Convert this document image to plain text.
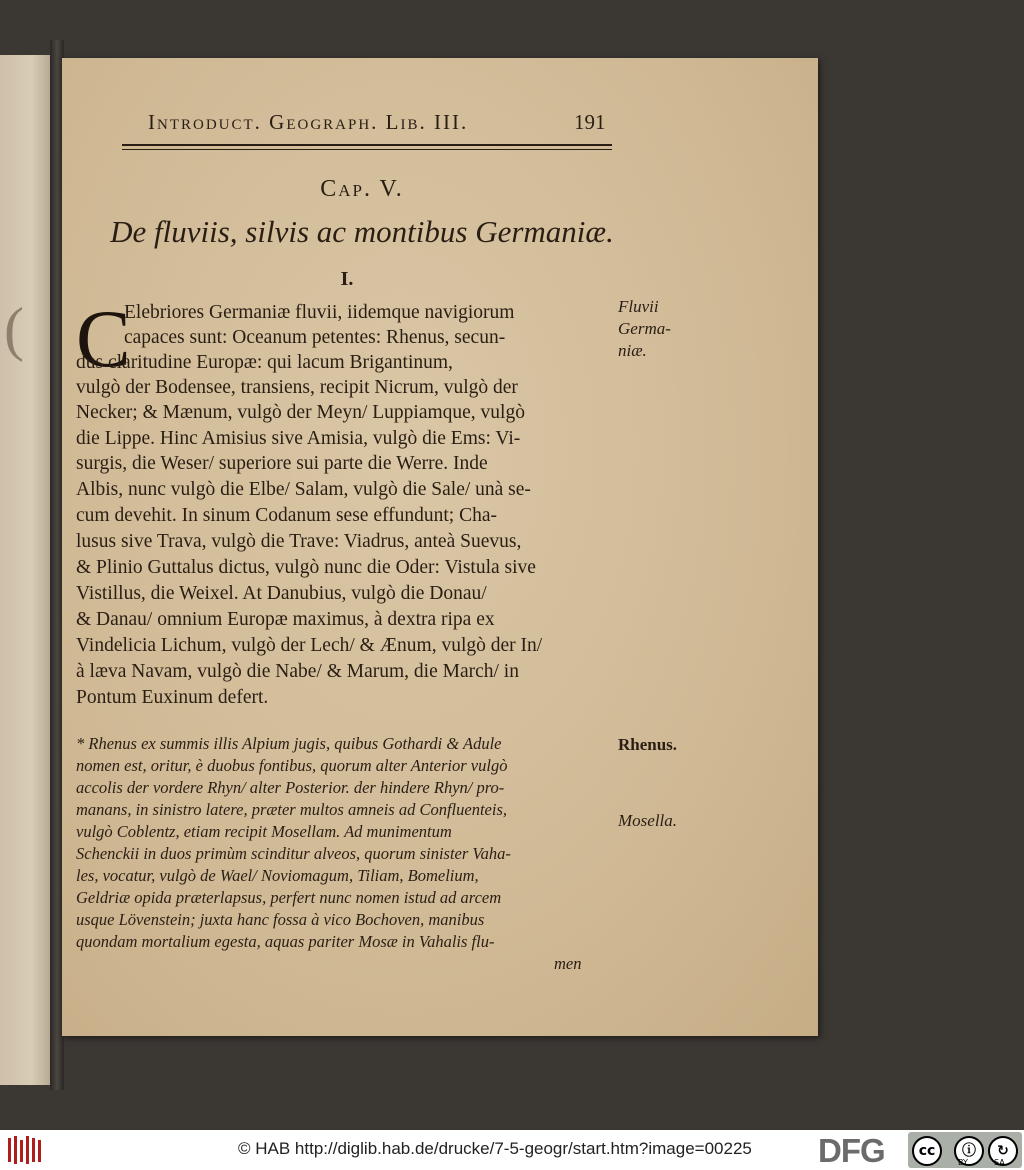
(
Introduct. Geograph. Lib. III.	191
Cap. V.
De fluviis, silvis ac montibus Germaniæ.
I.
C
Elebriores Germaniæ fluvii, iidemque navigiorum
capaces sunt: Oceanum petentes: Rhenus, secun-
dus claritudine Europæ: qui lacum Brigantinum,
vulgò der Bodensee, transiens, recipit Nicrum, vulgò der
Necker; & Mænum, vulgò der Meyn/ Luppiamque, vulgò
die Lippe. Hinc Amisius sive Amisia, vulgò die Ems: Vi-
surgis, die Weser/ superiore sui parte die Werre. Inde
Albis, nunc vulgò die Elbe/ Salam, vulgò die Sale/ unà se-
cum devehit. In sinum Codanum sese effundunt; Cha-
lusus sive Trava, vulgò die Trave: Viadrus, anteà Suevus,
& Plinio Guttalus dictus, vulgò nunc die Oder: Vistula sive
Vistillus, die Weixel. At Danubius, vulgò die Donau/
& Danau/ omnium Europæ maximus, à dextra ripa ex
Vindelicia Lichum, vulgò der Lech/ & Ænum, vulgò der In/
à læva Navam, vulgò die Nabe/ & Marum, die March/ in
Pontum Euxinum defert.
* Rhenus ex summis illis Alpium jugis, quibus Gothardi & Adule
nomen est, oritur, è duobus fontibus, quorum alter Anterior vulgò
accolis der vordere Rhyn/ alter Posterior. der hindere Rhyn/ pro-
manans, in sinistro latere, præter multos amneis ad Confluenteis,
vulgò Coblentz, etiam recipit Mosellam. Ad munimentum
Schenckii in duos primùm scinditur alveos, quorum sinister Vaha-
les, vocatur, vulgò de Wael/ Noviomagum, Tiliam, Bomelium,
Geldriæ opida præterlapsus, perfert nunc nomen istud ad arcem
usque Lövenstein; juxta hanc fossa à vico Bochoven, manibus
quondam mortalium egesta, aquas pariter Mosæ in Vahalis flu-
men
Fluvii
Germa-
niæ.
Rhenus.
Mosella.
© HAB http://diglib.hab.de/drucke/7-5-geogr/start.htm?image=00225 DFG	cc	ⓘ	↻
BY	SA
